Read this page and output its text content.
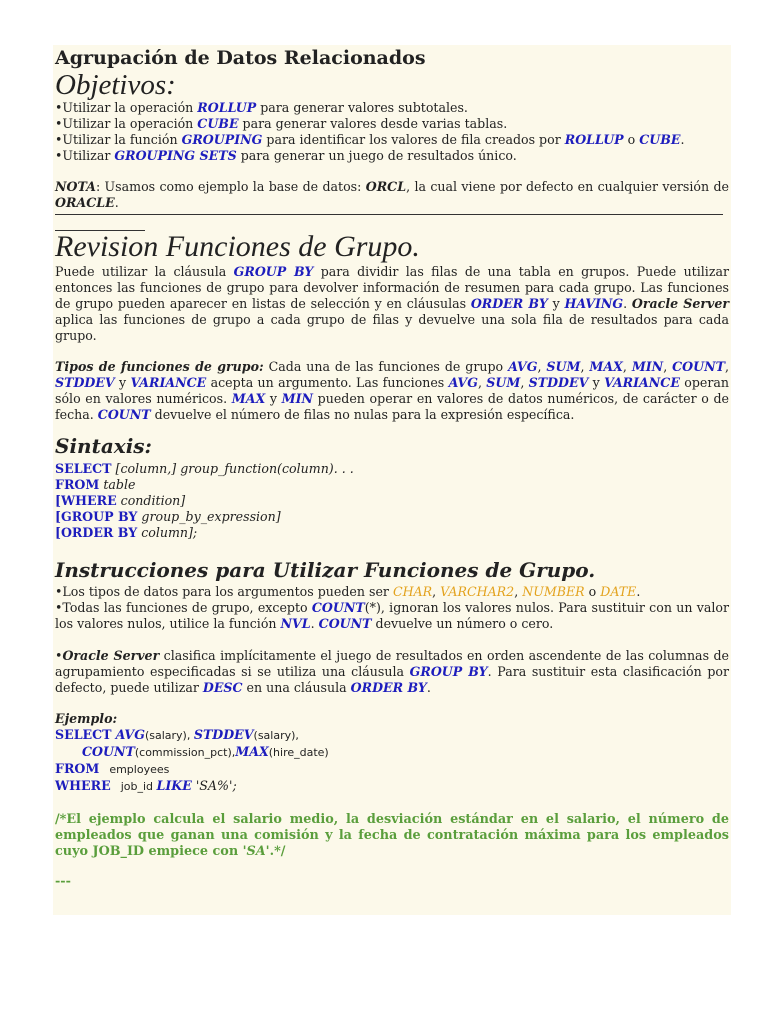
Agrupación de Datos Relacionados
Objetivos:
•Utilizar la operación ROLLUP para generar valores subtotales.
•Utilizar la operación CUBE para generar valores desde varias tablas.
•Utilizar la función GROUPING para identificar los valores de fila creados por ROLLUP o CUBE.
•Utilizar GROUPING SETS para generar un juego de resultados único.
NOTA: Usamos como ejemplo la base de datos: ORCL, la cual viene por defecto en cualquier versión de ORACLE.
Revision Funciones de Grupo.
Puede utilizar la cláusula GROUP BY para dividir las filas de una tabla en grupos. Puede utilizar entonces las funciones de grupo para devolver información de resumen para cada grupo. Las funciones de grupo pueden aparecer en listas de selección y en cláusulas ORDER BY y HAVING. Oracle Server aplica las funciones de grupo a cada grupo de filas y devuelve una sola fila de resultados para cada grupo.
Tipos de funciones de grupo: Cada una de las funciones de grupo AVG, SUM, MAX, MIN, COUNT, STDDEV y VARIANCE acepta un argumento. Las funciones AVG, SUM, STDDEV y VARIANCE operan sólo en valores numéricos. MAX y MIN pueden operar en valores de datos numéricos, de carácter o de fecha. COUNT devuelve el número de filas no nulas para la expresión específica.
Sintaxis:
SELECT [column,] group_function(column). . .
FROM table
[WHERE condition]
[GROUP BY group_by_expression]
[ORDER BY column];
Instrucciones para Utilizar Funciones de Grupo.
•Los tipos de datos para los argumentos pueden ser CHAR, VARCHAR2, NUMBER o DATE.
•Todas las funciones de grupo, excepto COUNT(*), ignoran los valores nulos. Para sustituir con un valor los valores nulos, utilice la función NVL. COUNT devuelve un número o cero.
•Oracle Server clasifica implícitamente el juego de resultados en orden ascendente de las columnas de agrupamiento especificadas si se utiliza una cláusula GROUP BY. Para sustituir esta clasificación por defecto, puede utilizar DESC en una cláusula ORDER BY.
Ejemplo:
SELECT AVG(salary), STDDEV(salary),
COUNT(commission_pct),MAX(hire_date)
FROM employees
WHERE job_id LIKE 'SA%';
/*El ejemplo calcula el salario medio, la desviación estándar en el salario, el número de empleados que ganan una comisión y la fecha de contratación máxima para los empleados cuyo JOB_ID empiece con 'SA'.*/
---
